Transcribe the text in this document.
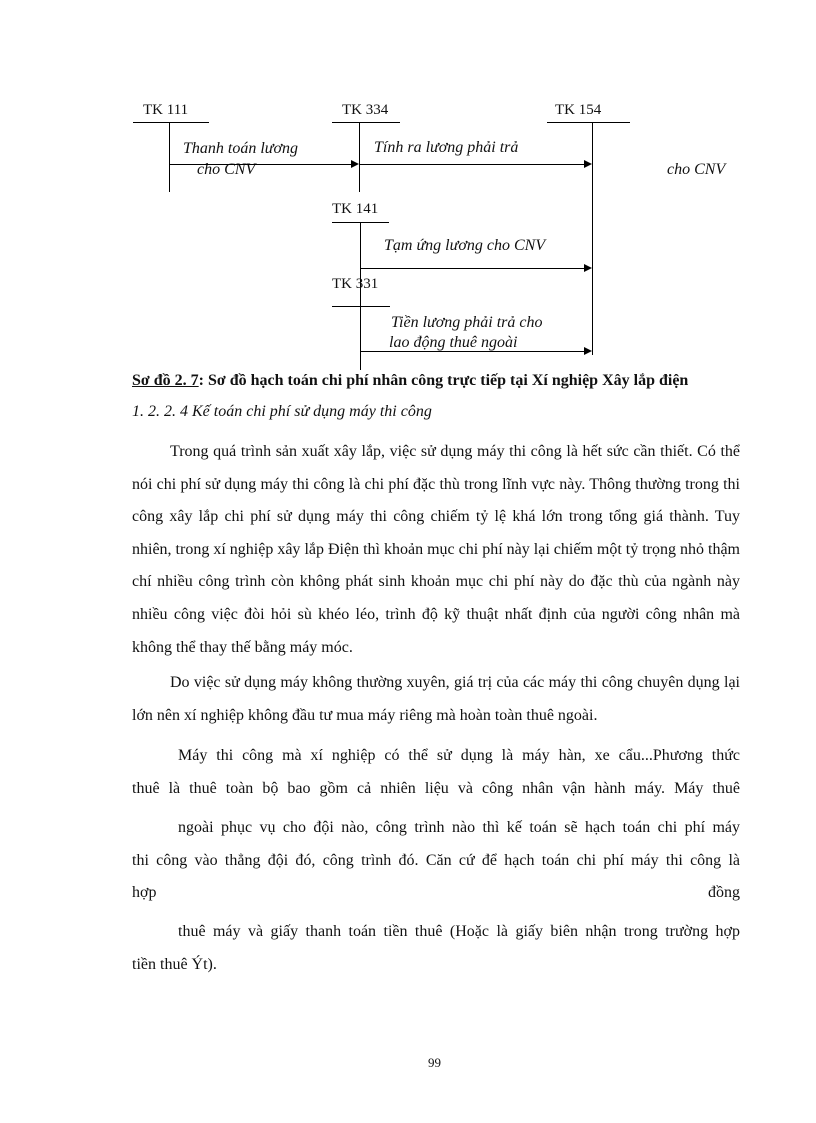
TK 111	TK 334	TK 154
Thanh toán lương
cho CNV
Tính ra lương phải trả
cho CNV
TK 141
Tạm ứng lương cho CNV
TK 331
Tiền lương phải trả cho
lao động thuê ngoài
Sơ đồ 2. 7: Sơ đồ hạch toán chi phí nhân công trực tiếp tại Xí nghiệp Xây lắp điện
1. 2. 2. 4 Kế toán chi phí sử dụng máy thi công

Trong quá trình sản xuất xây lắp, việc sử dụng máy thi công là hết sức cần thiết. Có thể nói chi phí sử dụng máy thi công là chi phí đặc thù trong lĩnh vực này. Thông thường trong thi công xây lắp chi phí sử dụng máy thi công chiếm tỷ lệ khá lớn trong tổng giá thành. Tuy nhiên, trong xí nghiệp xây lắp Điện thì khoản mục chi phí này lại chiếm một tỷ trọng nhỏ thậm chí nhiều công trình còn không phát sinh khoản mục chi phí này do đặc thù của ngành này nhiều công việc đòi hỏi sù khéo léo, trình độ kỹ thuật nhất định của người công nhân mà không thể thay thế bằng máy móc.

Do việc sử dụng máy không thường xuyên, giá trị của các máy thi công chuyên dụng lại lớn nên xí nghiệp không đầu tư mua máy riêng mà hoàn toàn thuê ngoài.

Máy thi công mà xí nghiệp có thể sử dụng là máy hàn, xe cẩu...Phương thức
thuê là thuê toàn bộ bao gồm cả nhiên liệu và công nhân vận hành máy. Máy thuê
ngoài phục vụ cho đội nào, công trình nào thì kế toán sẽ hạch toán chi phí máy
thi công vào thẳng đội đó, công trình đó. Căn cứ để hạch toán chi phí máy thi công là
hợp	đồng
thuê máy và giấy thanh toán tiền thuê (Hoặc là giấy biên nhận trong trường hợp
tiền thuê Ýt).
99
